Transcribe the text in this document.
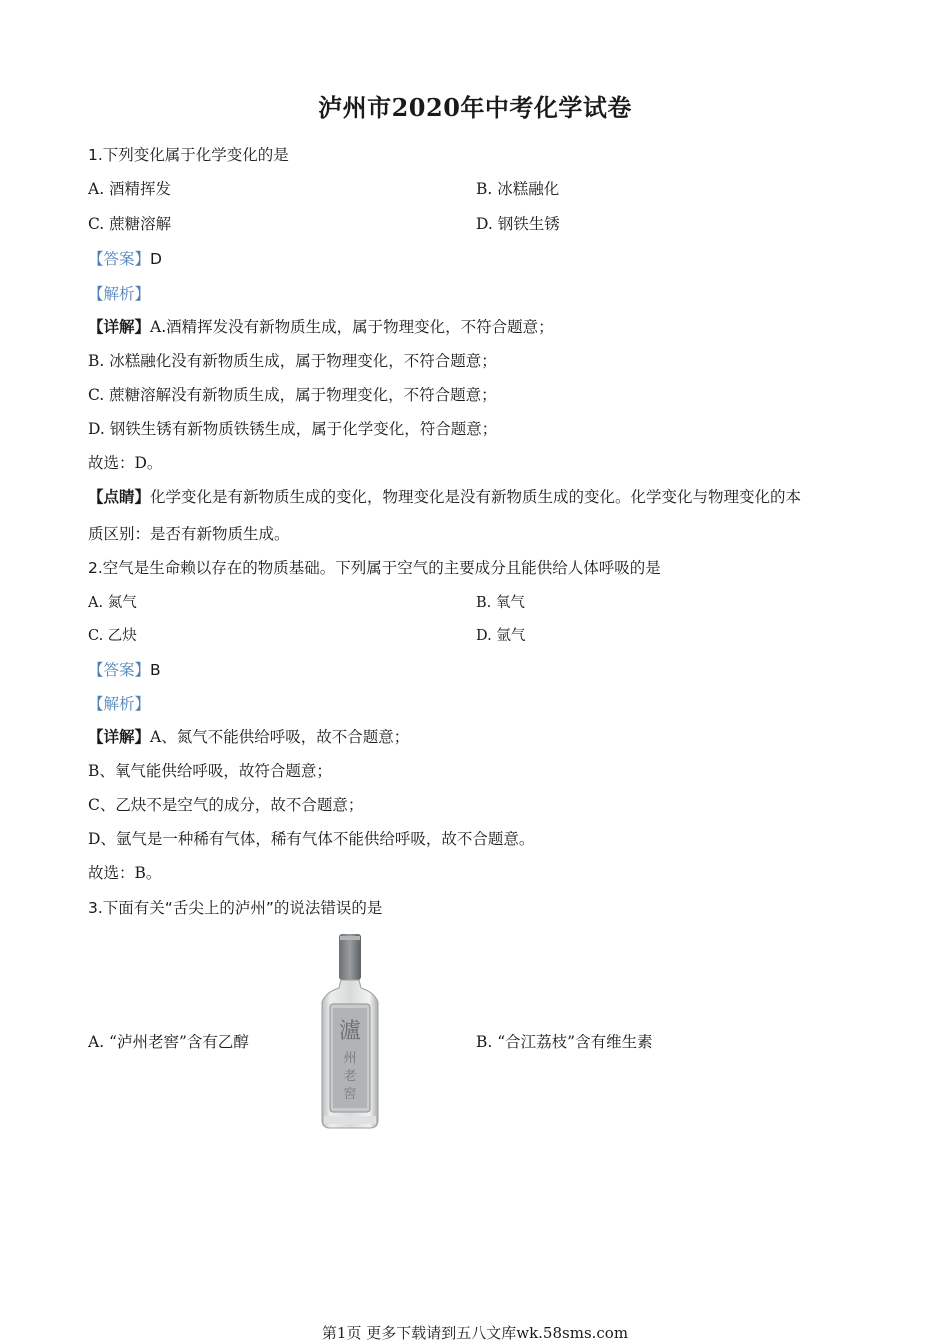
泸州市2020年中考化学试卷
1.下列变化属于化学变化的是
A. 酒精挥发	B. 冰糕融化
C. 蔗糖溶解	D. 钢铁生锈
【答案】D
【解析】
【详解】A.酒精挥发没有新物质生成，属于物理变化，不符合题意；
B. 冰糕融化没有新物质生成，属于物理变化，不符合题意；
C. 蔗糖溶解没有新物质生成，属于物理变化，不符合题意；
D. 钢铁生锈有新物质铁锈生成，属于化学变化，符合题意；
故选：D。
【点睛】化学变化是有新物质生成的变化，物理变化是没有新物质生成的变化。化学变化与物理变化的本
质区别：是否有新物质生成。
2.空气是生命赖以存在的物质基础。下列属于空气的主要成分且能供给人体呼吸的是
A. 氮气	B. 氧气
C. 乙炔	D. 氩气
【答案】B
【解析】
【详解】A、氮气不能供给呼吸，故不合题意；
B、氧气能供给呼吸，故符合题意；
C、乙炔不是空气的成分，故不合题意；
D、氩气是一种稀有气体，稀有气体不能供给呼吸，故不合题意。
故选：B。
3.下面有关“舌尖上的泸州”的说法错误的是
A. “泸州老窖”含有乙醇	B. “合江荔枝”含有维生素
瀘
州
老
窖
第1页 更多下载请到五八文库wk.58sms.com
